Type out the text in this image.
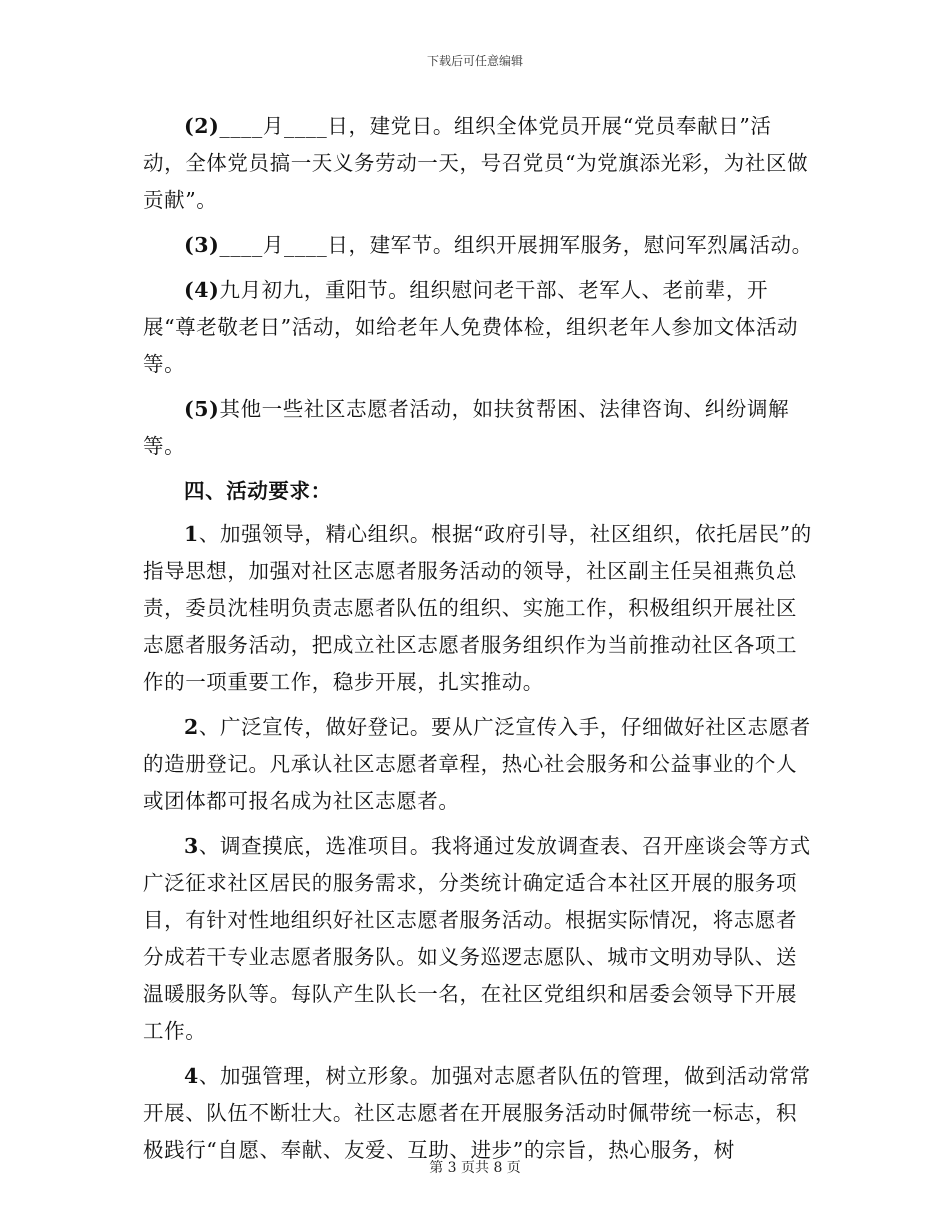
下载后可任意编辑

(2)____月____日，建党日。组织全体党员开展“党员奉献日”活动，全体党员搞一天义务劳动一天，号召党员“为党旗添光彩，为社区做贡献”。

(3)____月____日，建军节。组织开展拥军服务，慰问军烈属活动。

(4)九月初九，重阳节。组织慰问老干部、老军人、老前辈，开展“尊老敬老日”活动，如给老年人免费体检，组织老年人参加文体活动等。

(5)其他一些社区志愿者活动，如扶贫帮困、法律咨询、纠纷调解等。

四、活动要求：

1、加强领导，精心组织。根据“政府引导，社区组织，依托居民”的指导思想，加强对社区志愿者服务活动的领导，社区副主任吴祖燕负总责，委员沈桂明负责志愿者队伍的组织、实施工作，积极组织开展社区志愿者服务活动，把成立社区志愿者服务组织作为当前推动社区各项工作的一项重要工作，稳步开展，扎实推动。

2、广泛宣传，做好登记。要从广泛宣传入手，仔细做好社区志愿者的造册登记。凡承认社区志愿者章程，热心社会服务和公益事业的个人或团体都可报名成为社区志愿者。

3、调查摸底，选准项目。我将通过发放调查表、召开座谈会等方式广泛征求社区居民的服务需求，分类统计确定适合本社区开展的服务项目，有针对性地组织好社区志愿者服务活动。根据实际情况，将志愿者分成若干专业志愿者服务队。如义务巡逻志愿队、城市文明劝导队、送温暖服务队等。每队产生队长一名，在社区党组织和居委会领导下开展工作。

4、加强管理，树立形象。加强对志愿者队伍的管理，做到活动常常开展、队伍不断壮大。社区志愿者在开展服务活动时佩带统一标志，积极践行“自愿、奉献、友爱、互助、进步”的宗旨，热心服务，树

第 3 页共 8 页
